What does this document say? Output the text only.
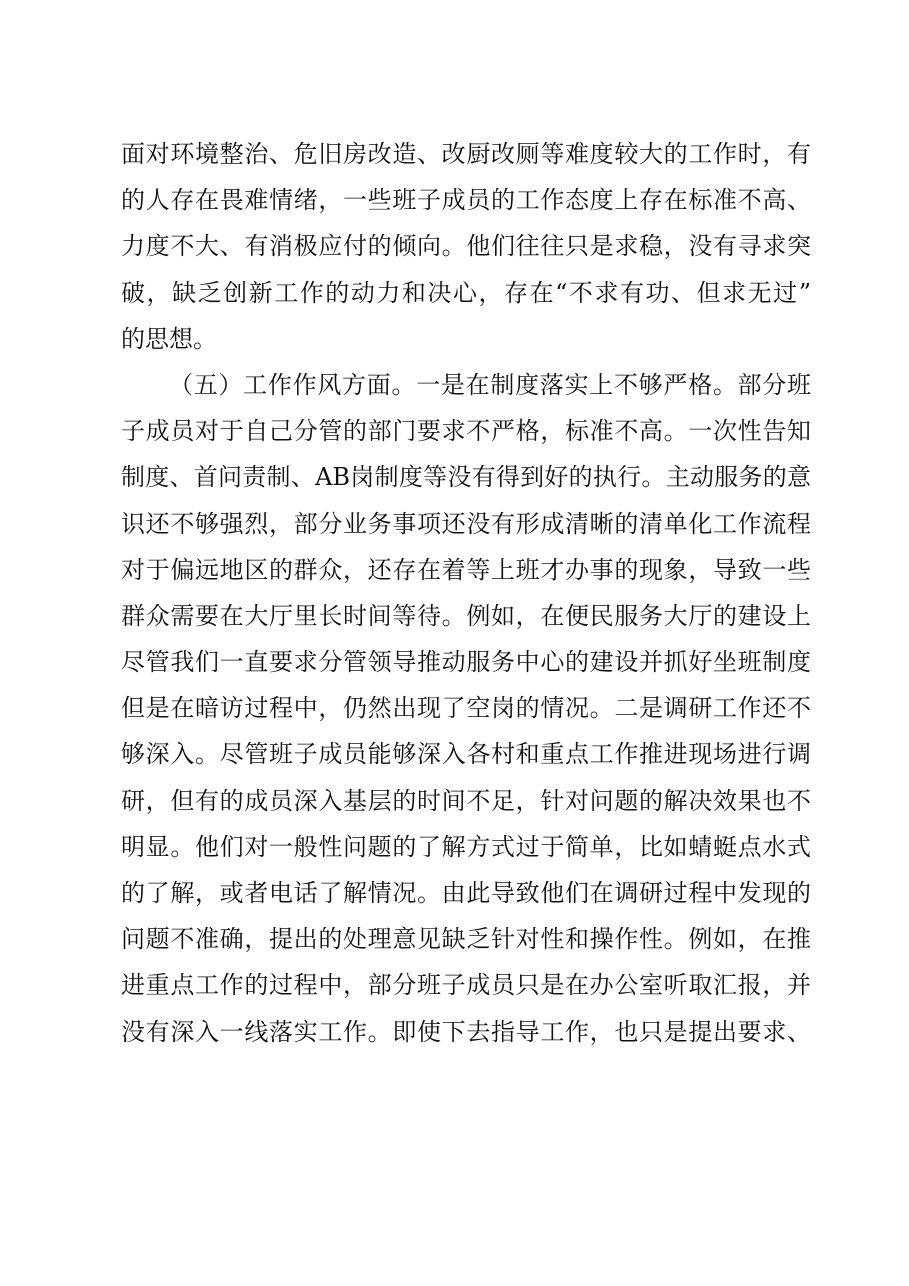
面对环境整治、危旧房改造、改厨改厕等难度较大的工作时，有
的人存在畏难情绪，一些班子成员的工作态度上存在标准不高、
力度不大、有消极应付的倾向。他们往往只是求稳，没有寻求突
破，缺乏创新工作的动力和决心，存在“不求有功、但求无过”
的思想。
（五）工作作风方面。一是在制度落实上不够严格。部分班
子成员对于自己分管的部门要求不严格，标准不高。一次性告知
制度、首问责制、AB岗制度等没有得到好的执行。主动服务的意
识还不够强烈，部分业务事项还没有形成清晰的清单化工作流程
对于偏远地区的群众，还存在着等上班才办事的现象，导致一些
群众需要在大厅里长时间等待。例如，在便民服务大厅的建设上
尽管我们一直要求分管领导推动服务中心的建设并抓好坐班制度
但是在暗访过程中，仍然出现了空岗的情况。二是调研工作还不
够深入。尽管班子成员能够深入各村和重点工作推进现场进行调
研，但有的成员深入基层的时间不足，针对问题的解决效果也不
明显。他们对一般性问题的了解方式过于简单，比如蜻蜓点水式
的了解，或者电话了解情况。由此导致他们在调研过程中发现的
问题不准确，提出的处理意见缺乏针对性和操作性。例如，在推
进重点工作的过程中，部分班子成员只是在办公室听取汇报，并
没有深入一线落实工作。即使下去指导工作，也只是提出要求、
